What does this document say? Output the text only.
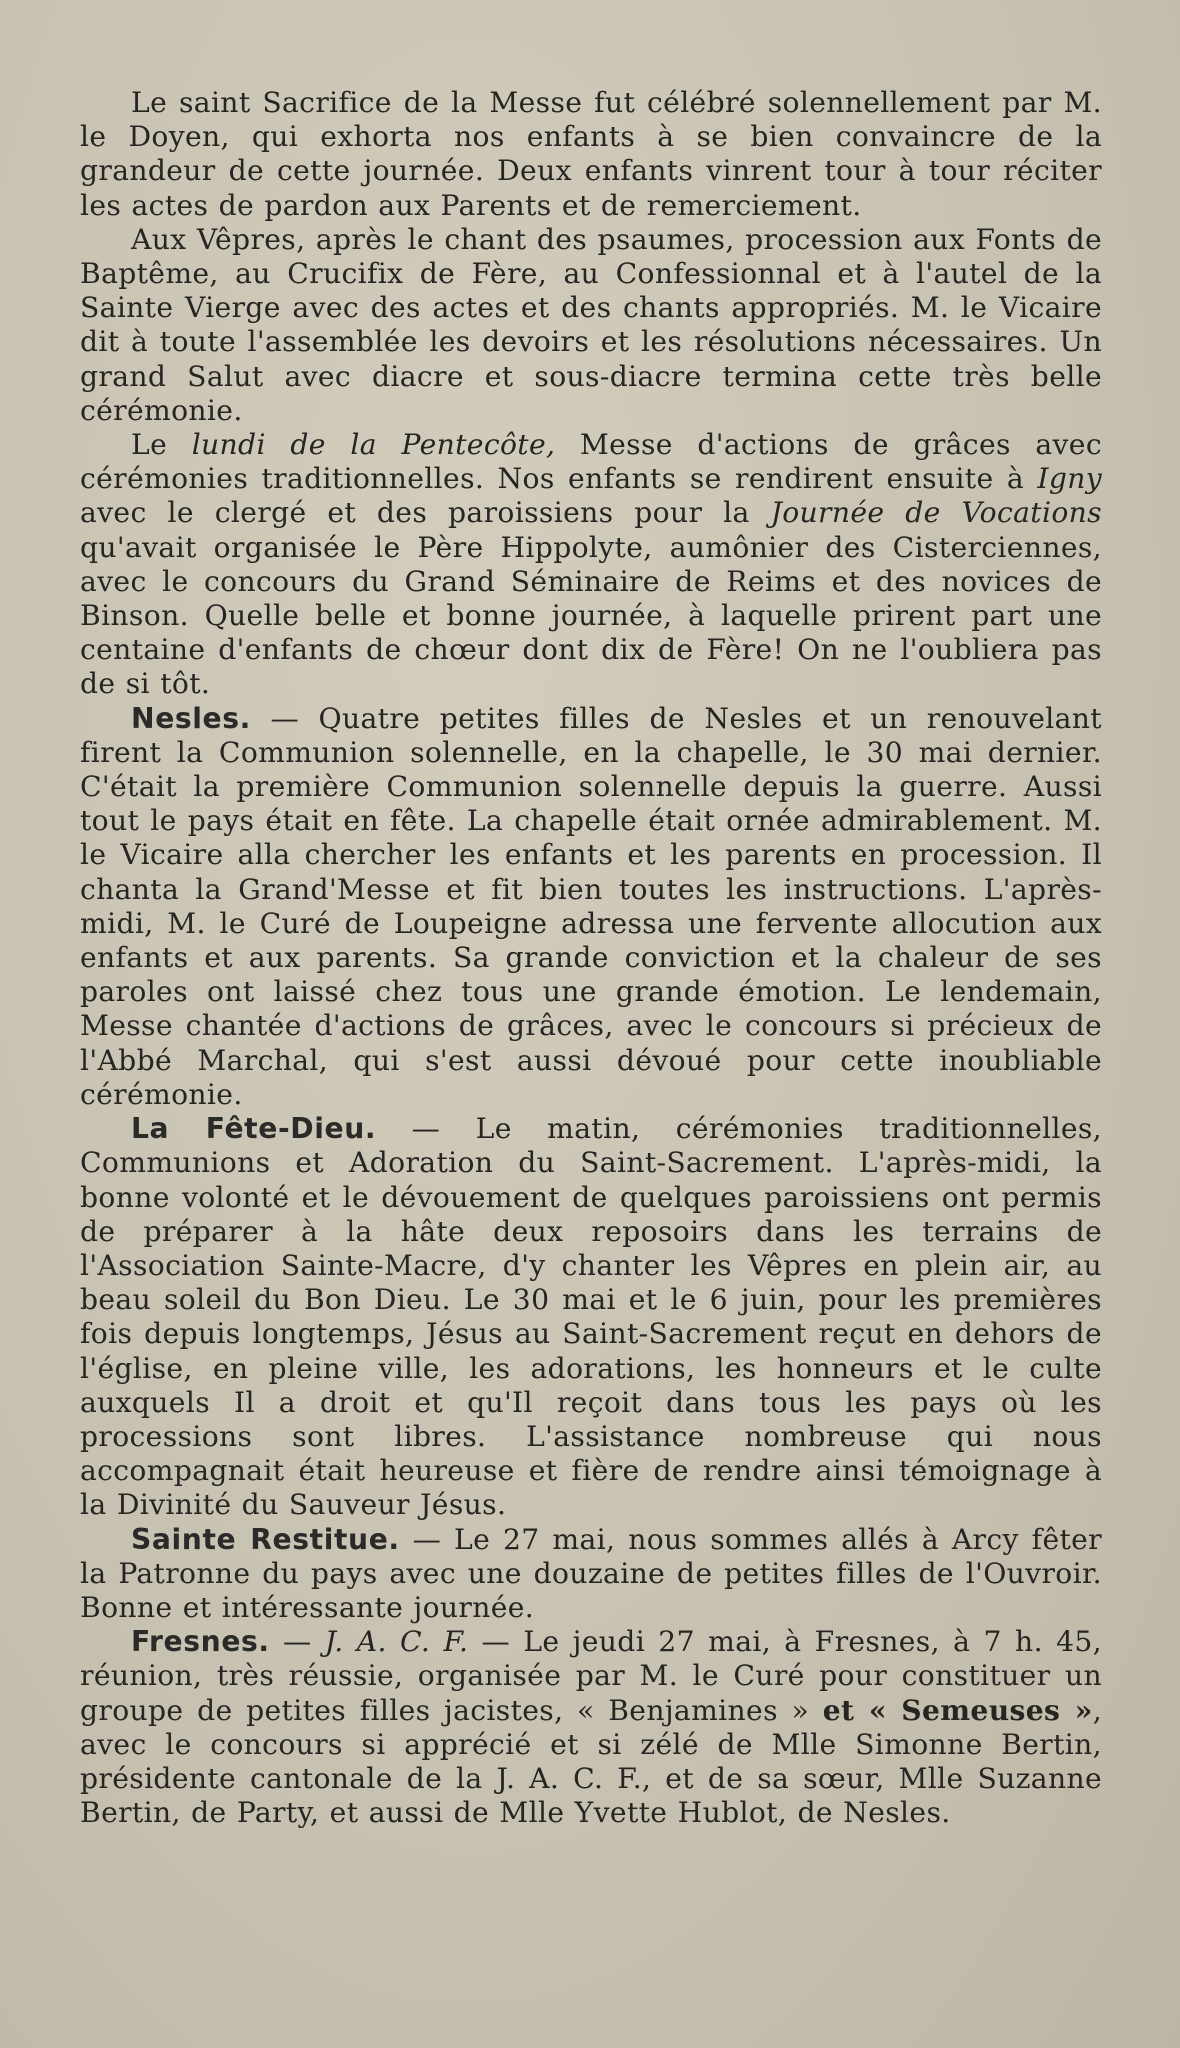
Le saint Sacrifice de la Messe fut célébré solennellement par M. le Doyen, qui exhorta nos enfants à se bien convaincre de la grandeur de cette journée. Deux enfants vinrent tour à tour réciter les actes de pardon aux Parents et de remerciement.

Aux Vêpres, après le chant des psaumes, procession aux Fonts de Baptême, au Crucifix de Fère, au Confessionnal et à l'autel de la Sainte Vierge avec des actes et des chants appropriés. M. le Vicaire dit à toute l'assemblée les devoirs et les résolutions nécessaires. Un grand Salut avec diacre et sous-diacre termina cette très belle cérémonie.

Le lundi de la Pentecôte, Messe d'actions de grâces avec cérémonies traditionnelles. Nos enfants se rendirent ensuite à Igny avec le clergé et des paroissiens pour la Journée de Vocations qu'avait organisée le Père Hippolyte, aumônier des Cisterciennes, avec le concours du Grand Séminaire de Reims et des novices de Binson. Quelle belle et bonne journée, à laquelle prirent part une centaine d'enfants de chœur dont dix de Fère! On ne l'oubliera pas de si tôt.

Nesles. — Quatre petites filles de Nesles et un renouvelant firent la Communion solennelle, en la chapelle, le 30 mai dernier. C'était la première Communion solennelle depuis la guerre. Aussi tout le pays était en fête. La chapelle était ornée admirablement. M. le Vicaire alla chercher les enfants et les parents en procession. Il chanta la Grand'Messe et fit bien toutes les instructions. L'après-midi, M. le Curé de Loupeigne adressa une fervente allocution aux enfants et aux parents. Sa grande conviction et la chaleur de ses paroles ont laissé chez tous une grande émotion. Le lendemain, Messe chantée d'actions de grâces, avec le concours si précieux de l'Abbé Marchal, qui s'est aussi dévoué pour cette inoubliable cérémonie.

La Fête-Dieu. — Le matin, cérémonies traditionnelles, Communions et Adoration du Saint-Sacrement. L'après-midi, la bonne volonté et le dévouement de quelques paroissiens ont permis de préparer à la hâte deux reposoirs dans les terrains de l'Association Sainte-Macre, d'y chanter les Vêpres en plein air, au beau soleil du Bon Dieu. Le 30 mai et le 6 juin, pour les premières fois depuis longtemps, Jésus au Saint-Sacrement reçut en dehors de l'église, en pleine ville, les adorations, les honneurs et le culte auxquels Il a droit et qu'Il reçoit dans tous les pays où les processions sont libres. L'assistance nombreuse qui nous accompagnait était heureuse et fière de rendre ainsi témoignage à la Divinité du Sauveur Jésus.

Sainte Restitue. — Le 27 mai, nous sommes allés à Arcy fêter la Patronne du pays avec une douzaine de petites filles de l'Ouvroir. Bonne et intéressante journée.

Fresnes. — J. A. C. F. — Le jeudi 27 mai, à Fresnes, à 7 h. 45, réunion, très réussie, organisée par M. le Curé pour constituer un groupe de petites filles jacistes, « Benjamines » et « Semeuses », avec le concours si apprécié et si zélé de Mlle Simonne Bertin, présidente cantonale de la J. A. C. F., et de sa sœur, Mlle Suzanne Bertin, de Party, et aussi de Mlle Yvette Hublot, de Nesles.
